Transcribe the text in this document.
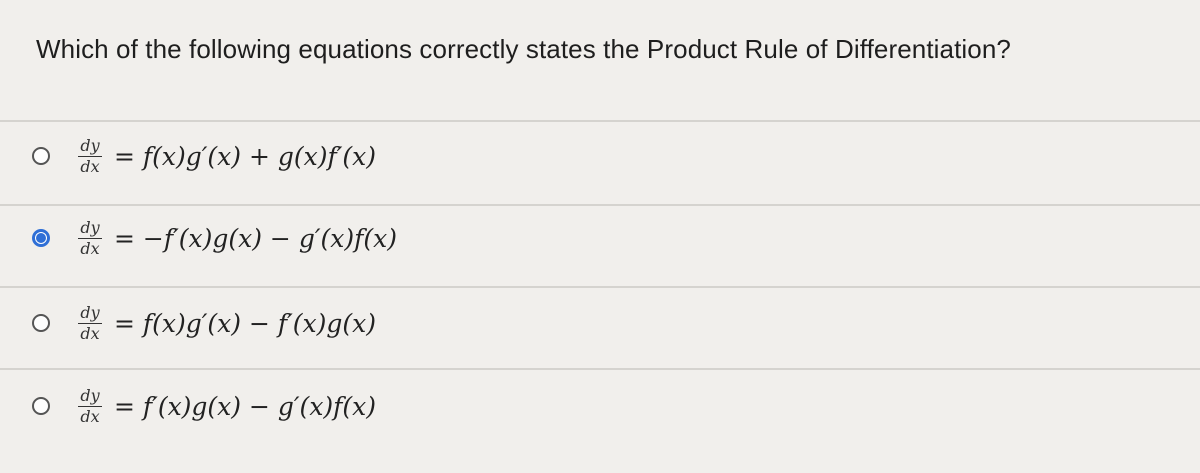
Which of the following equations correctly states the Product Rule of Differentiation?
$\frac{dy}{dx} = f(x)g'(x) + g(x)f'(x)$
$\frac{dy}{dx} = -f'(x)g(x) - g'(x)f(x)$
$\frac{dy}{dx} = f(x)g'(x) - f'(x)g(x)$
$\frac{dy}{dx} = f'(x)g(x) - g'(x)f(x)$
